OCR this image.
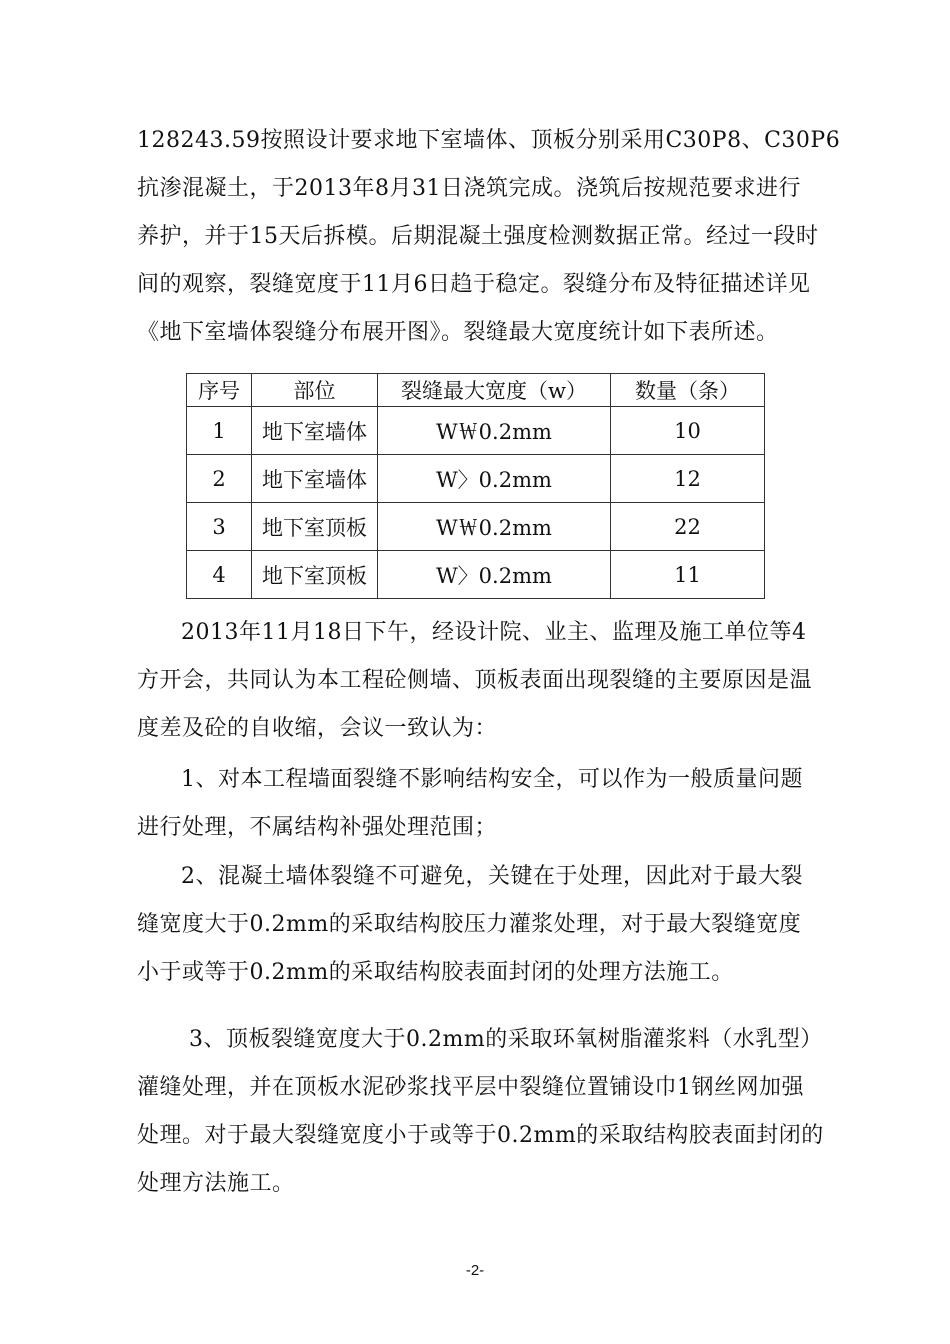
128243.59按照设计要求地下室墙体、顶板分别采用C30P8、C30P6
抗渗混凝土，于2013年8月31日浇筑完成。浇筑后按规范要求进行
养护，并于15天后拆模。后期混凝土强度检测数据正常。经过一段时
间的观察，裂缝宽度于11月6日趋于稳定。裂缝分布及特征描述详见
《地下室墙体裂缝分布展开图》。裂缝最大宽度统计如下表所述。
序号	部位	裂缝最大宽度（w）	数量（条）
1	地下室墙体	W￦0.2mm	10
2	地下室墙体	W〉0.2mm	12
3	地下室顶板	W￦0.2mm	22
4	地下室顶板	W〉0.2mm	11
2013年11月18日下午，经设计院、业主、监理及施工单位等4
方开会，共同认为本工程砼侧墙、顶板表面出现裂缝的主要原因是温
度差及砼的自收缩，会议一致认为：
1、对本工程墙面裂缝不影响结构安全，可以作为一般质量问题
进行处理，不属结构补强处理范围；
2、混凝土墙体裂缝不可避免，关键在于处理，因此对于最大裂
缝宽度大于0.2mm的采取结构胶压力灌浆处理，对于最大裂缝宽度
小于或等于0.2mm的采取结构胶表面封闭的处理方法施工。
3、顶板裂缝宽度大于0.2mm的采取环氧树脂灌浆料（水乳型）
灌缝处理，并在顶板水泥砂浆找平层中裂缝位置铺设巾1钢丝网加强
处理。对于最大裂缝宽度小于或等于0.2mm的采取结构胶表面封闭的
处理方法施工。
-2-
